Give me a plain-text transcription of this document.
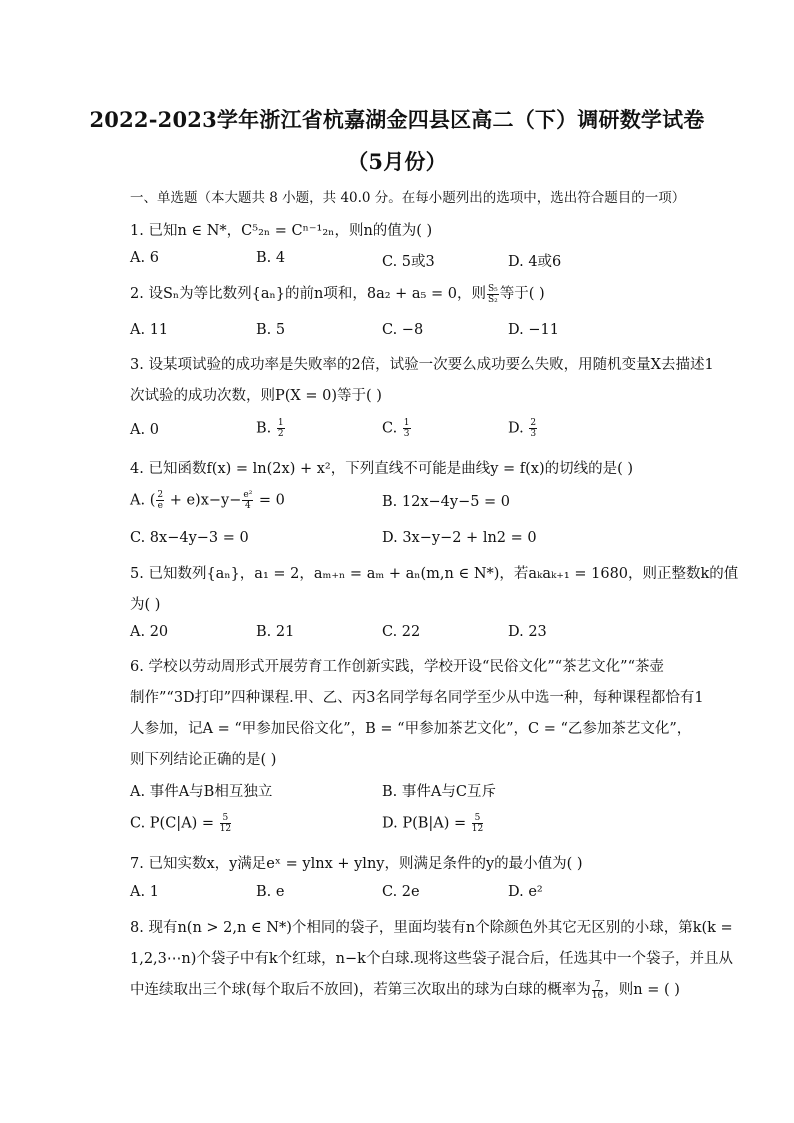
2022-2023学年浙江省杭嘉湖金四县区高二（下）调研数学试卷
（5月份）
一、单选题（本大题共 8 小题，共 40.0 分。在每小题列出的选项中，选出符合题目的一项）
1. 已知n ∈ N*，C⁵₂ₙ = Cⁿ⁻¹₂ₙ，则n的值为( )
A. 6	B. 4	C. 5或3	D. 4或6
2. 设Sₙ为等比数列{aₙ}的前n项和，8a₂ + a₅ = 0，则 $\frac{\text{S₅}}{\text{S₂}}$ 等于( )
A. 11	B. 5	C. −8	D. −11
3. 设某项试验的成功率是失败率的2倍，试验一次要么成功要么失败，用随机变量X去描述1
次试验的成功次数，则P(X = 0)等于( )
A. 0	B. $\frac{1}{2}$	C. $\frac{1}{3}$	D. $\frac{2}{3}$
4. 已知函数f(x) = ln(2x) + x²，下列直线不可能是曲线y = f(x)的切线的是( )
A. ( $\frac{2}{e} + e)x-y- \frac{\text{e²}}{4} = 0$	B. 12x−4y−5 = 0
C. 8x−4y−3 = 0	D. 3x−y−2 + ln2 = 0
5. 已知数列{aₙ}，a₁ = 2，aₘ₊ₙ = aₘ + aₙ(m,n ∈ N*)，若aₖaₖ₊₁ = 1680，则正整数k的值
为( )
A. 20	B. 21	C. 22	D. 23
6. 学校以劳动周形式开展劳育工作创新实践，学校开设“民俗文化”“茶艺文化”“茶壶
制作”“3D打印”四种课程.甲、乙、丙3名同学每名同学至少从中选一种，每种课程都恰有1
人参加，记A = “甲参加民俗文化”，B = “甲参加茶艺文化”，C = “乙参加茶艺文化”，
则下列结论正确的是( )
A. 事件A与B相互独立	B. 事件A与C互斥
C. $P(C|A) = \frac{5}{12}$	D. $P(B|A) = \frac{5}{12}$
7. 已知实数x，y满足eˣ = ylnx + ylny，则满足条件的y的最小值为( )
A. 1	B. e	C. 2e	D. e²
8. 现有n(n > 2,n ∈ N*)个相同的袋子，里面均装有n个除颜色外其它无区别的小球，第k(k =
1,2,3⋯n)个袋子中有k个红球，n−k个白球.现将这些袋子混合后，任选其中一个袋子，并且从
中连续取出三个球(每个取后不放回)，若第三次取出的球为白球的概率为 $\frac{7}{16}$ ，则n = ( )
